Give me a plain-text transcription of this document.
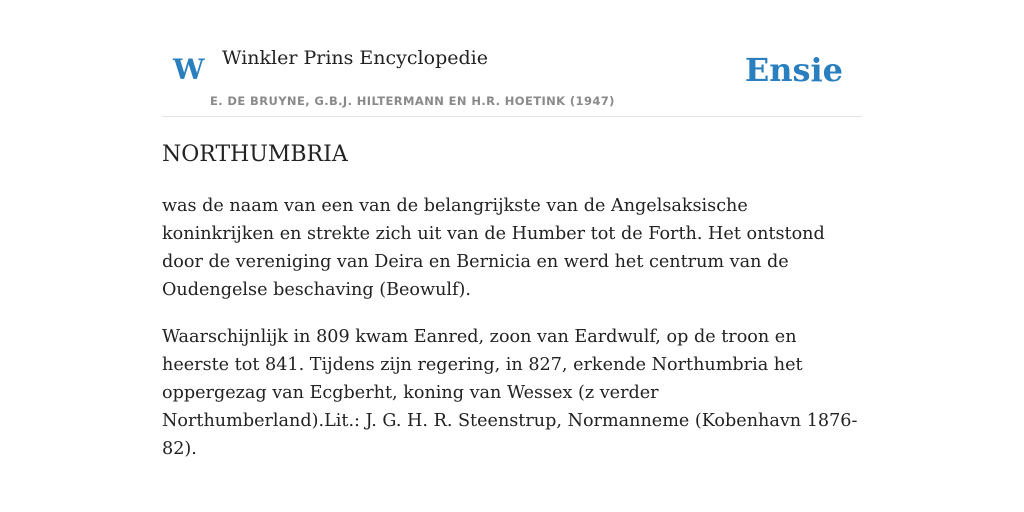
W Winkler Prins Encyclopedie
E. DE BRUYNE, G.B.J. HILTERMANN EN H.R. HOETINK (1947)
Ensie
NORTHUMBRIA

was de naam van een van de belangrijkste van de Angelsaksische koninkrijken en strekte zich uit van de Humber tot de Forth. Het ontstond door de vereniging van Deira en Bernicia en werd het centrum van de Oudengelse beschaving (Beowulf).

Waarschijnlijk in 809 kwam Eanred, zoon van Eardwulf, op de troon en heerste tot 841. Tijdens zijn regering, in 827, erkende Northumbria het oppergezag van Ecgberht, koning van Wessex (z verder Northumberland).Lit.: J. G. H. R. Steenstrup, Normanneme (Kobenhavn 1876-82).
